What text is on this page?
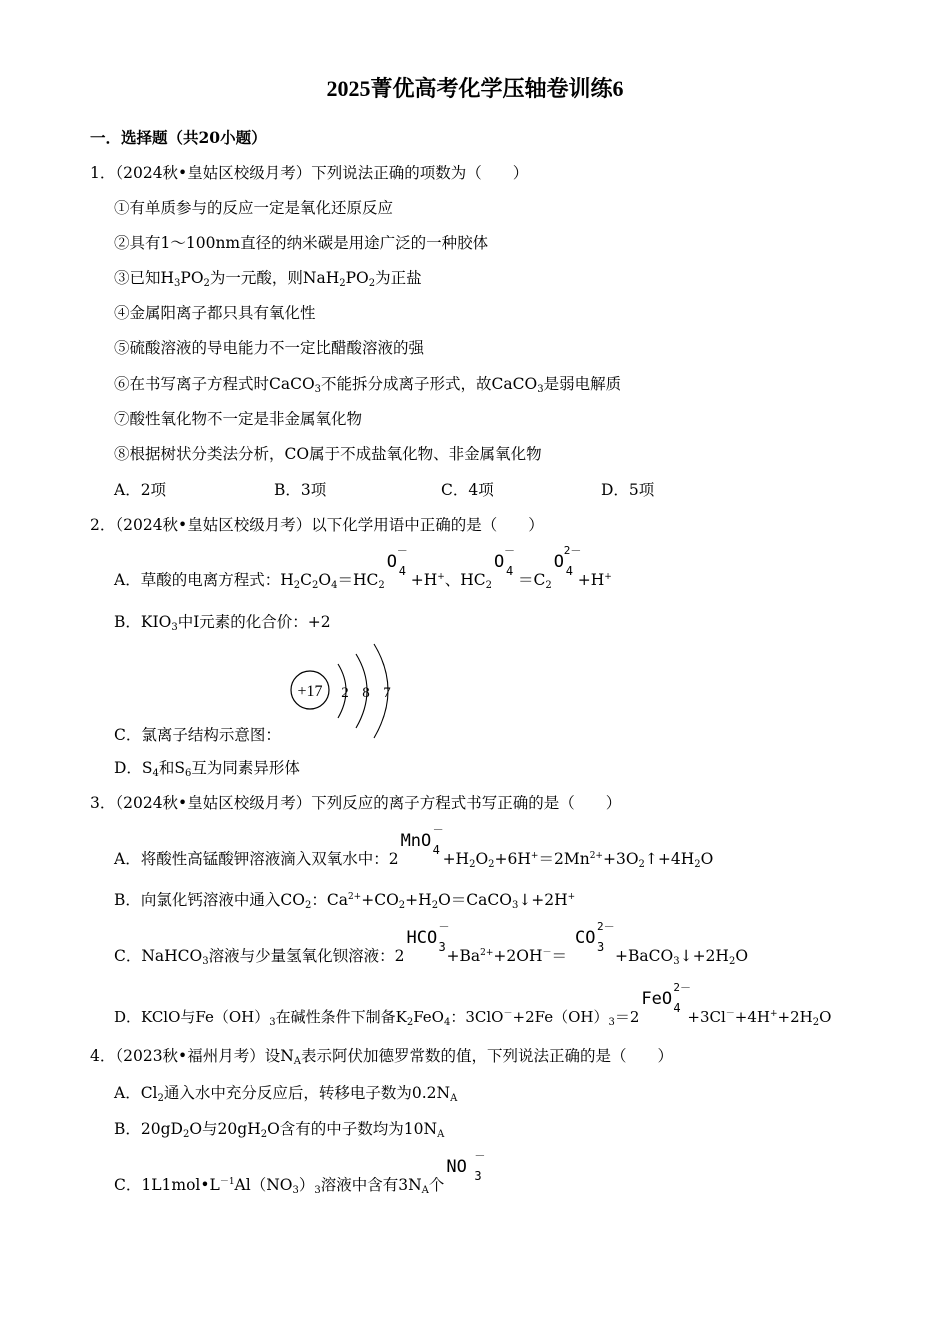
2025菁优高考化学压轴卷训练6
一．选择题（共20小题）
1．（2024秋•皇姑区校级月考）下列说法正确的项数为（　　）
①有单质参与的反应一定是氧化还原反应
②具有1～100nm直径的纳米碳是用途广泛的一种胶体
③已知$H_3PO_2$为一元酸，则$NaH_2PO_2$为正盐
④金属阳离子都只具有氧化性
⑤硫酸溶液的导电能力不一定比醋酸溶液的强
⑥在书写离子方程式时CaCO$_3$不能拆分成离子形式，故CaCO$_3$是弱电解质
⑦酸性氧化物不一定是非金属氧化物
⑧根据树状分类法分析，CO属于不成盐氧化物、非金属氧化物
A．2项	B．3项	C．4项	D．5项
2．（2024秋•皇姑区校级月考）以下化学用语中正确的是（　　）
A．草酸的电离方程式：$H_2C_2O_4=HC_2$
O 4
－
+H+、$HC_2$
O 4
－
$=C_2$
O 4
2－
+H+
B．$KIO_3$中I元素的化合价：+2
+17 2 8 7
C．氯离子结构示意图：
D．$S_4$和$S_6$互为同素异形体
3．（2024秋•皇姑区校级月考）下列反应的离子方程式书写正确的是（　　）
A．将酸性高锰酸钾溶液滴入双氧水中：2
MnO 4
－
$+H_2O_2+6H^+=2Mn^{2+}+3O_2↑+4H_2O$
B．向氯化钙溶液中通入$CO_2$：$Ca^{2+}+CO_2+H_2O=CaCO_3↓+2H^+$
C．NaHCO$_3$溶液与少量氢氧化钡溶液：2
HCO 3
－
$+Ba^{2+}+2OH^-=$
CO 3
2－
$+BaCO_3↓+2H_2O$
D．KClO与$Fe(OH)_3$在碱性条件下制备$K_2FeO_4$：$3ClO^-+2Fe(OH)_3=2$
FeO 4
2－
$+3Cl^-+4H^++2H_2O$
4．（2023秋•福州月考）设$N_A$表示阿伏加德罗常数的值，下列说法正确的是（　　）
A．$Cl_2$通入水中充分反应后，转移电子数为$0.2N_A$
B．$20gD_2O$与$20gH_2O$含有的中子数均为$10N_A$
C．$1L1mol•L^{-1}Al(NO_3)_3$溶液中含有$3N_A$个
NO 3
－
